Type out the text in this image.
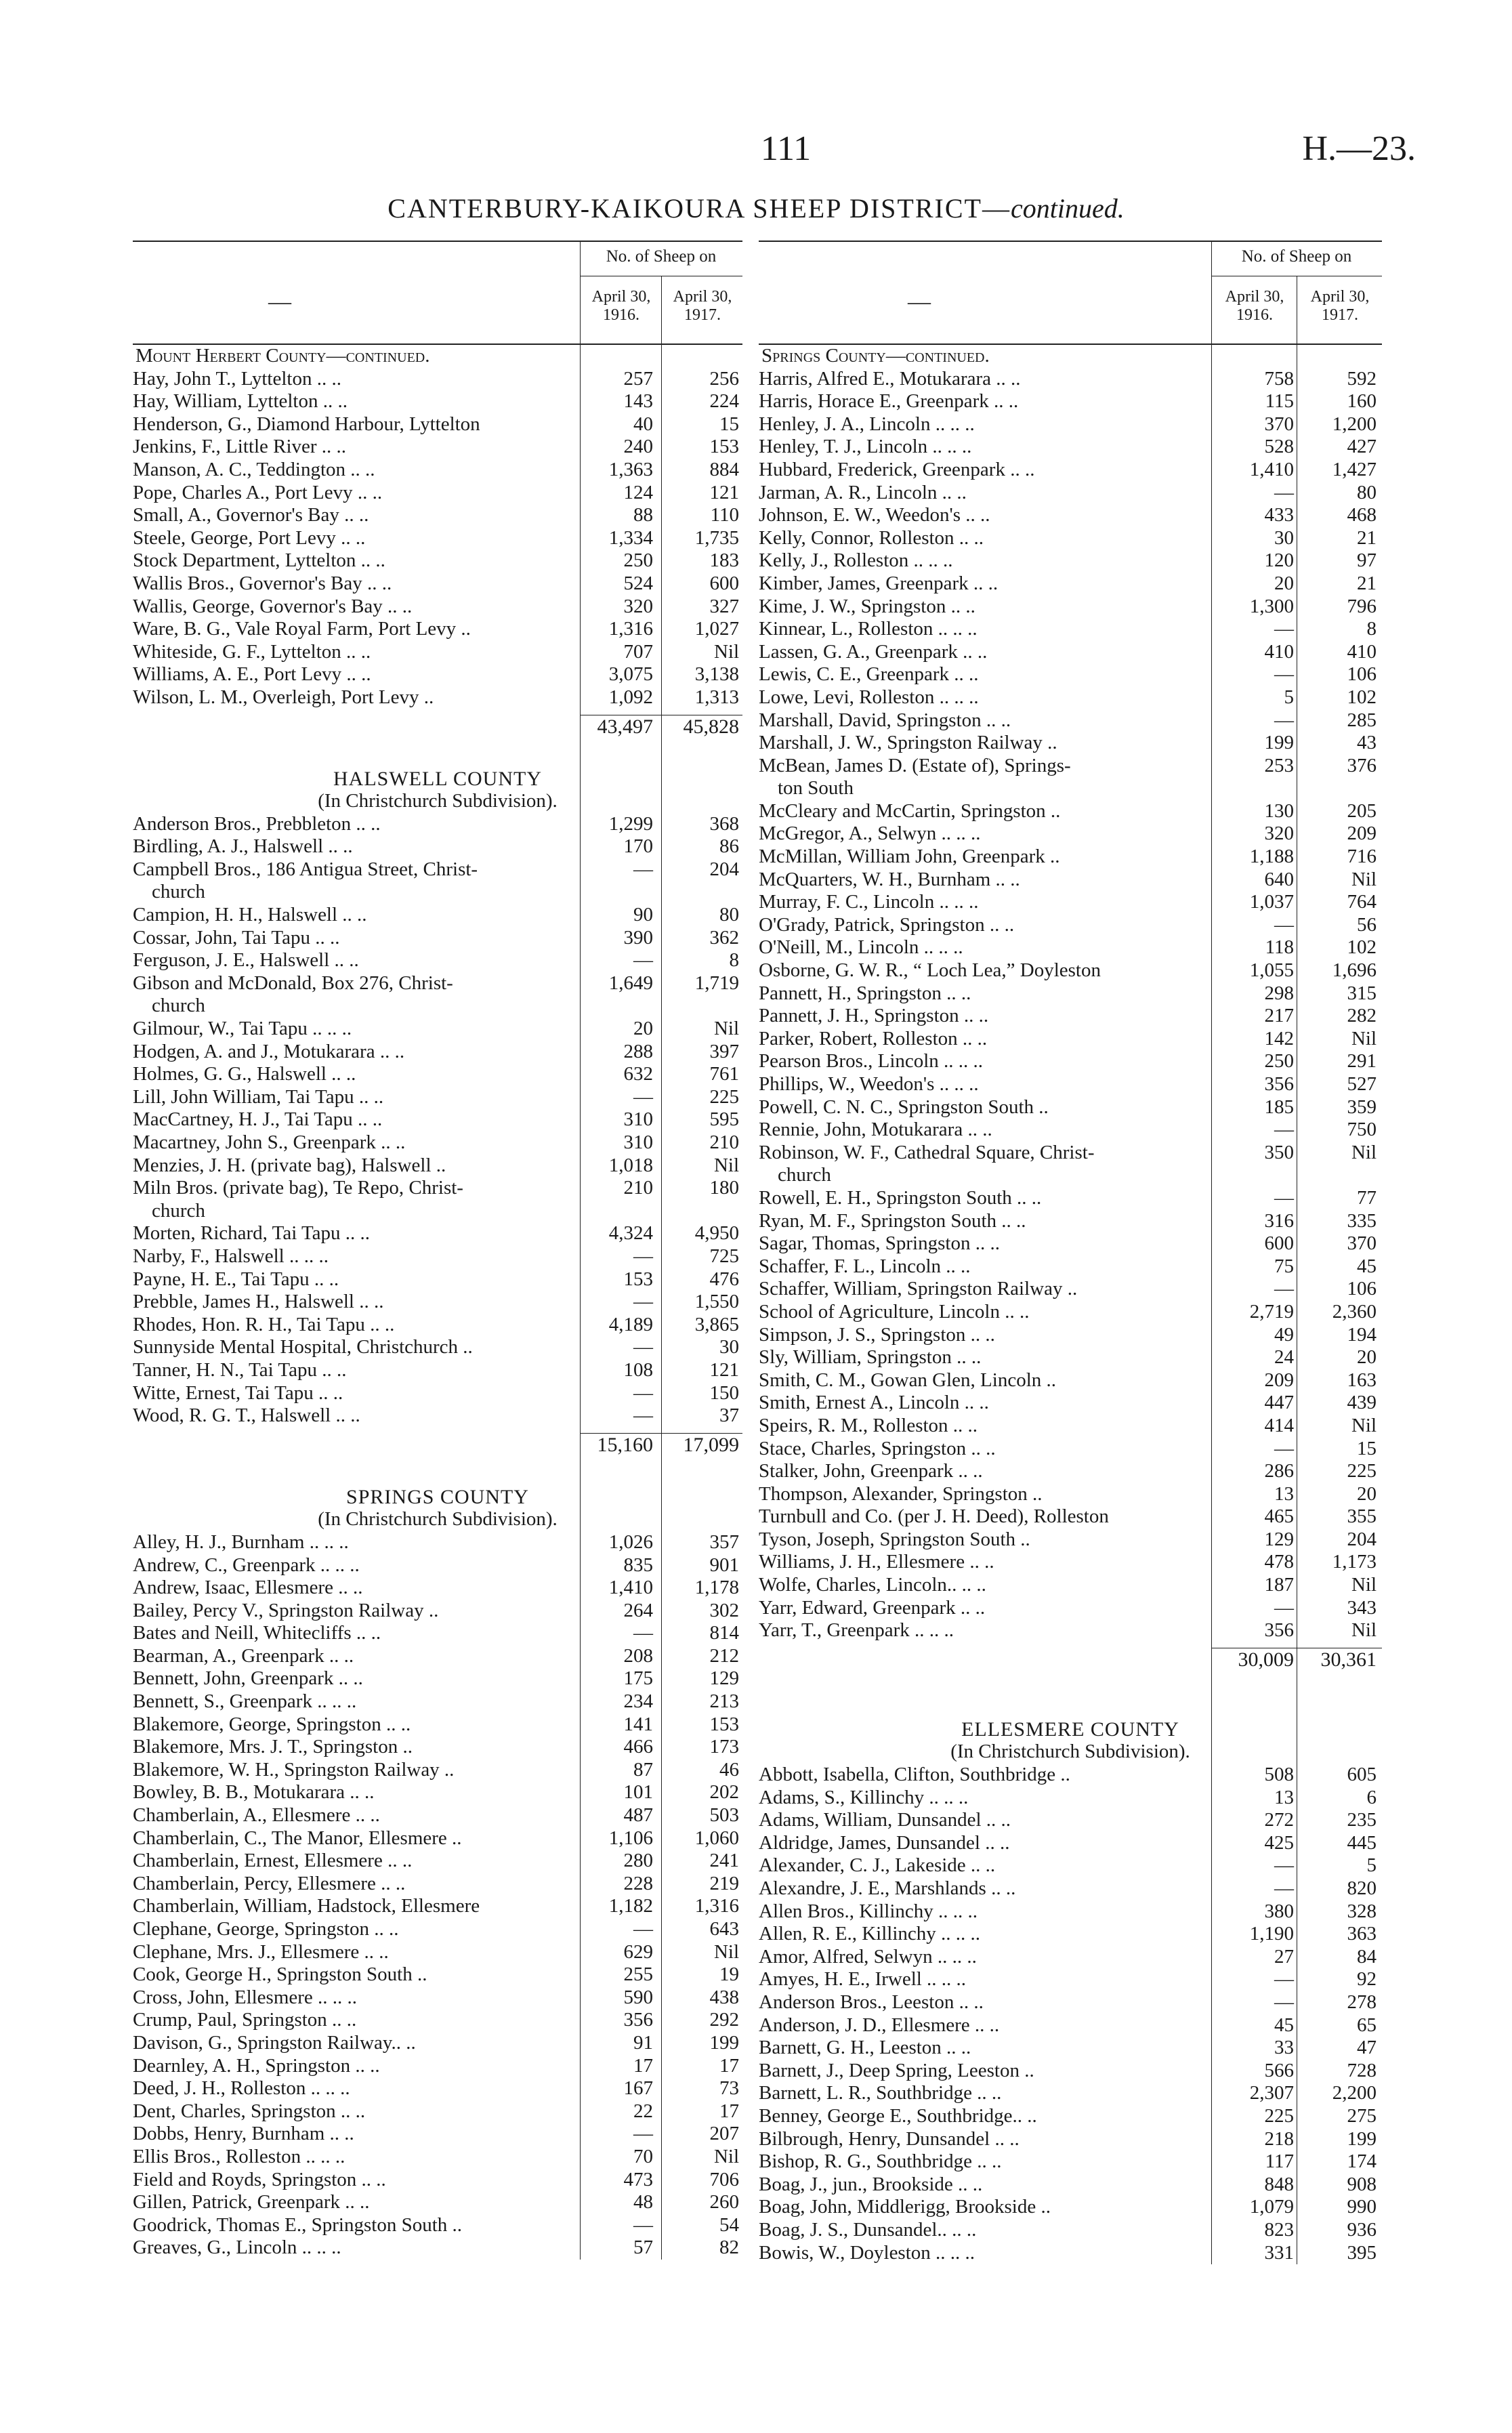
111	H.—23.
CANTERBURY-KAIKOURA SHEEP DISTRICT—continued.
—
No. of Sheep on
April 30, 1916.
April 30, 1917.
Mount Herbert County—continued.
Hay, John T., Lyttelton .. ..	257	256
Hay, William, Lyttelton .. ..	143	224
Henderson, G., Diamond Harbour, Lyttelton	40	15
Jenkins, F., Little River .. ..	240	153
Manson, A. C., Teddington .. ..	1,363	884
Pope, Charles A., Port Levy .. ..	124	121
Small, A., Governor's Bay .. ..	88	110
Steele, George, Port Levy .. ..	1,334	1,735
Stock Department, Lyttelton .. ..	250	183
Wallis Bros., Governor's Bay .. ..	524	600
Wallis, George, Governor's Bay .. ..	320	327
Ware, B. G., Vale Royal Farm, Port Levy ..	1,316	1,027
Whiteside, G. F., Lyttelton .. ..	707	Nil
Williams, A. E., Port Levy .. ..	3,075	3,138
Wilson, L. M., Overleigh, Port Levy ..	1,092	1,313
43,497	45,828
HALSWELL COUNTY
(In Christchurch Subdivision).
Anderson Bros., Prebbleton .. ..	1,299	368
Birdling, A. J., Halswell .. ..	170	86
Campbell Bros., 186 Antigua Street, Christ-	—	204
church
Campion, H. H., Halswell .. ..	90	80
Cossar, John, Tai Tapu .. ..	390	362
Ferguson, J. E., Halswell .. ..	—	8
Gibson and McDonald, Box 276, Christ-	1,649	1,719
church
Gilmour, W., Tai Tapu .. .. ..	20	Nil
Hodgen, A. and J., Motukarara .. ..	288	397
Holmes, G. G., Halswell .. ..	632	761
Lill, John William, Tai Tapu .. ..	—	225
MacCartney, H. J., Tai Tapu .. ..	310	595
Macartney, John S., Greenpark .. ..	310	210
Menzies, J. H. (private bag), Halswell ..	1,018	Nil
Miln Bros. (private bag), Te Repo, Christ-	210	180
church
Morten, Richard, Tai Tapu .. ..	4,324	4,950
Narby, F., Halswell .. .. ..	—	725
Payne, H. E., Tai Tapu .. ..	153	476
Prebble, James H., Halswell .. ..	—	1,550
Rhodes, Hon. R. H., Tai Tapu .. ..	4,189	3,865
Sunnyside Mental Hospital, Christchurch ..	—	30
Tanner, H. N., Tai Tapu .. ..	108	121
Witte, Ernest, Tai Tapu .. ..	—	150
Wood, R. G. T., Halswell .. ..	—	37
15,160	17,099
SPRINGS COUNTY
(In Christchurch Subdivision).
Alley, H. J., Burnham .. .. ..	1,026	357
Andrew, C., Greenpark .. .. ..	835	901
Andrew, Isaac, Ellesmere .. ..	1,410	1,178
Bailey, Percy V., Springston Railway ..	264	302
Bates and Neill, Whitecliffs .. ..	—	814
Bearman, A., Greenpark .. ..	208	212
Bennett, John, Greenpark .. ..	175	129
Bennett, S., Greenpark .. .. ..	234	213
Blakemore, George, Springston .. ..	141	153
Blakemore, Mrs. J. T., Springston ..	466	173
Blakemore, W. H., Springston Railway ..	87	46
Bowley, B. B., Motukarara .. ..	101	202
Chamberlain, A., Ellesmere .. ..	487	503
Chamberlain, C., The Manor, Ellesmere ..	1,106	1,060
Chamberlain, Ernest, Ellesmere .. ..	280	241
Chamberlain, Percy, Ellesmere .. ..	228	219
Chamberlain, William, Hadstock, Ellesmere	1,182	1,316
Clephane, George, Springston .. ..	—	643
Clephane, Mrs. J., Ellesmere .. ..	629	Nil
Cook, George H., Springston South ..	255	19
Cross, John, Ellesmere .. .. ..	590	438
Crump, Paul, Springston .. ..	356	292
Davison, G., Springston Railway.. ..	91	199
Dearnley, A. H., Springston .. ..	17	17
Deed, J. H., Rolleston .. .. ..	167	73
Dent, Charles, Springston .. ..	22	17
Dobbs, Henry, Burnham .. ..	—	207
Ellis Bros., Rolleston .. .. ..	70	Nil
Field and Royds, Springston .. ..	473	706
Gillen, Patrick, Greenpark .. ..	48	260
Goodrick, Thomas E., Springston South ..	—	54
Greaves, G., Lincoln .. .. ..	57	82
—
No. of Sheep on
April 30, 1916.
April 30, 1917.
Springs County—continued.
Harris, Alfred E., Motukarara .. ..	758	592
Harris, Horace E., Greenpark .. ..	115	160
Henley, J. A., Lincoln .. .. ..	370	1,200
Henley, T. J., Lincoln .. .. ..	528	427
Hubbard, Frederick, Greenpark .. ..	1,410	1,427
Jarman, A. R., Lincoln .. ..	—	80
Johnson, E. W., Weedon's .. ..	433	468
Kelly, Connor, Rolleston .. ..	30	21
Kelly, J., Rolleston .. .. ..	120	97
Kimber, James, Greenpark .. ..	20	21
Kime, J. W., Springston .. ..	1,300	796
Kinnear, L., Rolleston .. .. ..	—	8
Lassen, G. A., Greenpark .. ..	410	410
Lewis, C. E., Greenpark .. ..	—	106
Lowe, Levi, Rolleston .. .. ..	5	102
Marshall, David, Springston .. ..	—	285
Marshall, J. W., Springston Railway ..	199	43
McBean, James D. (Estate of), Springs-	253	376
ton South
McCleary and McCartin, Springston ..	130	205
McGregor, A., Selwyn .. .. ..	320	209
McMillan, William John, Greenpark ..	1,188	716
McQuarters, W. H., Burnham .. ..	640	Nil
Murray, F. C., Lincoln .. .. ..	1,037	764
O'Grady, Patrick, Springston .. ..	—	56
O'Neill, M., Lincoln .. .. ..	118	102
Osborne, G. W. R., “ Loch Lea,” Doyleston	1,055	1,696
Pannett, H., Springston .. ..	298	315
Pannett, J. H., Springston .. ..	217	282
Parker, Robert, Rolleston .. ..	142	Nil
Pearson Bros., Lincoln .. .. ..	250	291
Phillips, W., Weedon's .. .. ..	356	527
Powell, C. N. C., Springston South ..	185	359
Rennie, John, Motukarara .. ..	—	750
Robinson, W. F., Cathedral Square, Christ-	350	Nil
church
Rowell, E. H., Springston South .. ..	—	77
Ryan, M. F., Springston South .. ..	316	335
Sagar, Thomas, Springston .. ..	600	370
Schaffer, F. L., Lincoln .. ..	75	45
Schaffer, William, Springston Railway ..	—	106
School of Agriculture, Lincoln .. ..	2,719	2,360
Simpson, J. S., Springston .. ..	49	194
Sly, William, Springston .. ..	24	20
Smith, C. M., Gowan Glen, Lincoln ..	209	163
Smith, Ernest A., Lincoln .. ..	447	439
Speirs, R. M., Rolleston .. ..	414	Nil
Stace, Charles, Springston .. ..	—	15
Stalker, John, Greenpark .. ..	286	225
Thompson, Alexander, Springston ..	13	20
Turnbull and Co. (per J. H. Deed), Rolleston	465	355
Tyson, Joseph, Springston South ..	129	204
Williams, J. H., Ellesmere .. ..	478	1,173
Wolfe, Charles, Lincoln.. .. ..	187	Nil
Yarr, Edward, Greenpark .. ..	—	343
Yarr, T., Greenpark .. .. ..	356	Nil
30,009	30,361
ELLESMERE COUNTY
(In Christchurch Subdivision).
Abbott, Isabella, Clifton, Southbridge ..	508	605
Adams, S., Killinchy .. .. ..	13	6
Adams, William, Dunsandel .. ..	272	235
Aldridge, James, Dunsandel .. ..	425	445
Alexander, C. J., Lakeside .. ..	—	5
Alexandre, J. E., Marshlands .. ..	—	820
Allen Bros., Killinchy .. .. ..	380	328
Allen, R. E., Killinchy .. .. ..	1,190	363
Amor, Alfred, Selwyn .. .. ..	27	84
Amyes, H. E., Irwell .. .. ..	—	92
Anderson Bros., Leeston .. ..	—	278
Anderson, J. D., Ellesmere .. ..	45	65
Barnett, G. H., Leeston .. ..	33	47
Barnett, J., Deep Spring, Leeston ..	566	728
Barnett, L. R., Southbridge .. ..	2,307	2,200
Benney, George E., Southbridge.. ..	225	275
Bilbrough, Henry, Dunsandel .. ..	218	199
Bishop, R. G., Southbridge .. ..	117	174
Boag, J., jun., Brookside .. ..	848	908
Boag, John, Middlerigg, Brookside ..	1,079	990
Boag, J. S., Dunsandel.. .. ..	823	936
Bowis, W., Doyleston .. .. ..	331	395
